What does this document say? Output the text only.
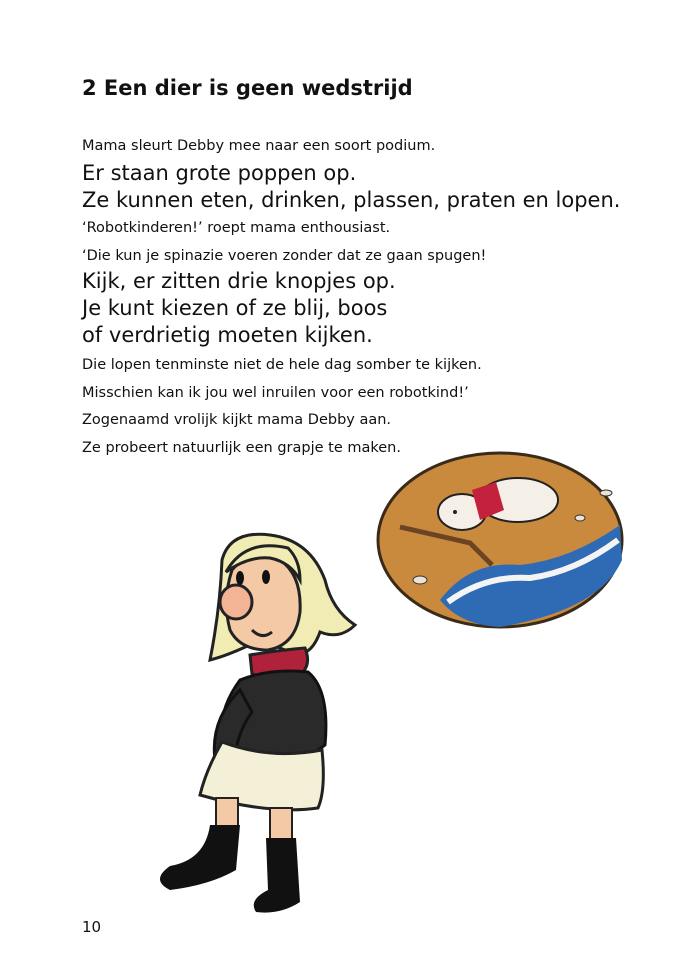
2 Een dier is geen wedstrijd
Mama sleurt Debby mee naar een soort podium.
Er staan grote poppen op.
Ze kunnen eten, drinken, plassen, praten en lopen.
‘Robotkinderen!’ roept mama enthousiast.
‘Die kun je spinazie voeren zonder dat ze gaan spugen!
Kijk, er zitten drie knopjes op.
Je kunt kiezen of ze blij, boos
of verdrietig moeten kijken.
Die lopen tenminste niet de hele dag somber te kijken.
Misschien kan ik jou wel inruilen voor een robotkind!’
Zogenaamd vrolijk kijkt mama Debby aan.
Ze probeert natuurlijk een grapje te maken.
10
